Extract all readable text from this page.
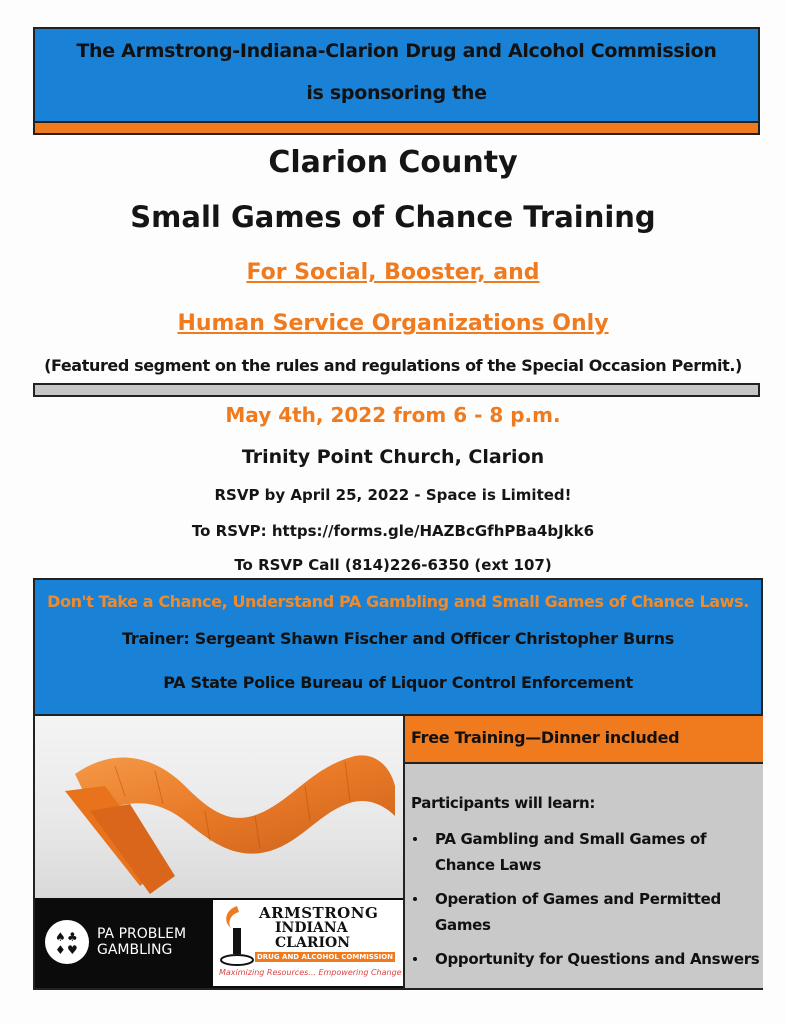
The Armstrong-Indiana-Clarion Drug and Alcohol Commission
is sponsoring the
Clarion County
Small Games of Chance Training
For Social, Booster, and
Human Service Organizations Only
(Featured segment on the rules and regulations of the Special Occasion Permit.)
May 4th, 2022 from 6 - 8 p.m.
Trinity Point Church, Clarion
RSVP by April 25, 2022 - Space is Limited!
To RSVP: https://forms.gle/HAZBcGfhPBa4bJkk6
To RSVP Call (814)226-6350 (ext 107)
Don't Take a Chance, Understand PA Gambling and Small Games of Chance Laws.
Trainer: Sergeant Shawn Fischer and Officer Christopher Burns
PA State Police Bureau of Liquor Control Enforcement
♠ ♣
♦ ♥
PA PROBLEM
GAMBLING
ARMSTRONG
INDIANA
CLARION
DRUG AND ALCOHOL COMMISSION
Maximizing Resources... Empowering Change
Free Training—Dinner included
Participants will learn:
PA Gambling and Small Games of Chance Laws
Operation of Games and Permitted Games
Opportunity for Questions and Answers
